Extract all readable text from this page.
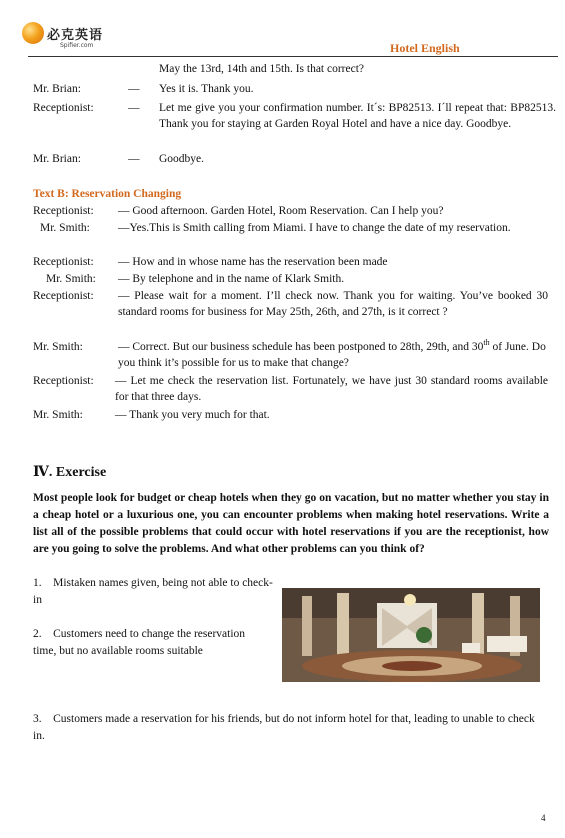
必克英语
Spifier.com	Hotel English
May the 13rd, 14th and 15th. Is that correct?
Mr. Brian:	— Yes it is. Thank you.
Receptionist:	— Let me give you your confirmation number. It´s: BP82513. I´ll repeat that: BP82513. Thank you for staying at Garden Royal Hotel and have a nice day. Goodbye.
Mr. Brian:	— Goodbye.
Text B: Reservation Changing
Receptionist: — Good afternoon. Garden Hotel, Room Reservation. Can I help you?
Mr. Smith: —Yes.This is Smith calling from Miami. I have to change the date of my reservation.
Receptionist: — How and in whose name has the reservation been made
Mr. Smith: — By telephone and in the name of Klark Smith.
Receptionist: — Please wait for a moment. I’ll check now. Thank you for waiting. You’ve booked 30 standard rooms for business for May 25th, 26th, and 27th, is it correct ?
Mr. Smith:	— Correct. But our business schedule has been postponed to 28th, 29th, and 30th of June. Do you think it’s possible for us to make that change?
Receptionist: — Let me check the reservation list. Fortunately, we have just 30 standard rooms available for that three days.
Mr. Smith:	— Thank you very much for that.
Ⅳ. Exercise
Most people look for budget or cheap hotels when they go on vacation, but no matter whether you stay in a cheap hotel or a luxurious one, you can encounter problems when making hotel reservations. Write a list all of the possible problems that could occur with hotel reservations if you are the receptionist, how are you going to solve the problems. And what other problems can you think of?
1. Mistaken names given, being not able to check-in
2. Customers need to change the reservation time, but no available rooms suitable
3. Customers made a reservation for his friends, but do not inform hotel for that, leading to unable to check in.
4
